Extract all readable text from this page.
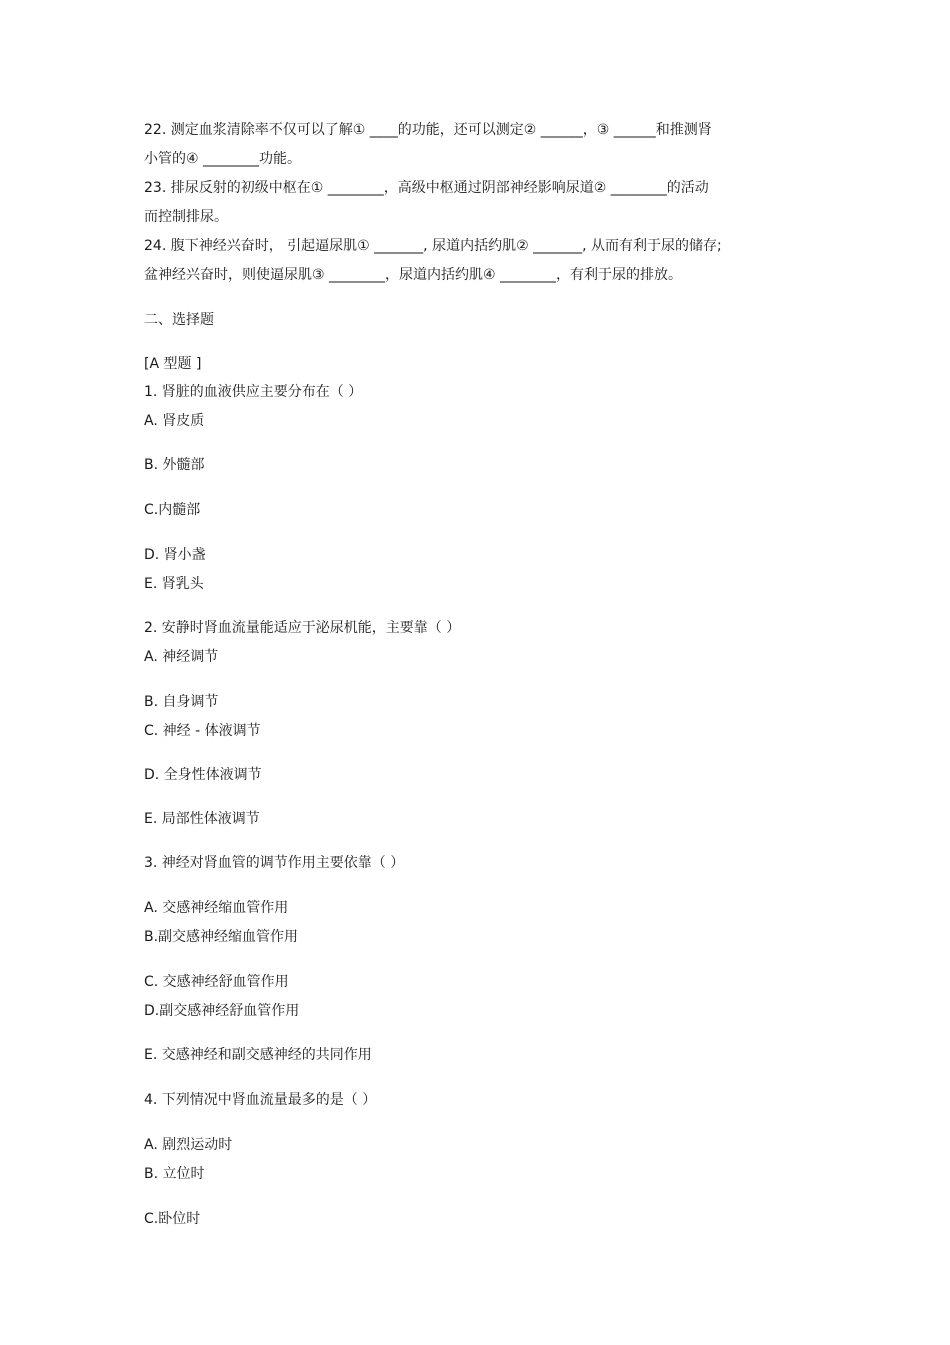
22. 测定血浆清除率不仅可以了解① ____的功能，还可以测定② ______，③ ______和推测肾
小管的④ ________功能。
23. 排尿反射的初级中枢在① ________，高级中枢通过阴部神经影响尿道② ________的活动
而控制排尿。
24. 腹下神经兴奋时， 引起逼尿肌① _______, 尿道内括约肌② _______, 从而有利于尿的储存;
盆神经兴奋时，则使逼尿肌③ ________，尿道内括约肌④ ________，有利于尿的排放。
二、选择题
[A 型题 ]
1. 肾脏的血液供应主要分布在（ ）
A. 肾皮质
B. 外髓部
C.内髓部
D. 肾小盏
E. 肾乳头
2. 安静时肾血流量能适应于泌尿机能，主要靠（ ）
A. 神经调节
B. 自身调节
C. 神经 - 体液调节
D. 全身性体液调节
E. 局部性体液调节
3. 神经对肾血管的调节作用主要依靠（ ）
A. 交感神经缩血管作用
B.副交感神经缩血管作用
C. 交感神经舒血管作用
D.副交感神经舒血管作用
E. 交感神经和副交感神经的共同作用
4. 下列情况中肾血流量最多的是（ ）
A. 剧烈运动时
B. 立位时
C.卧位时
